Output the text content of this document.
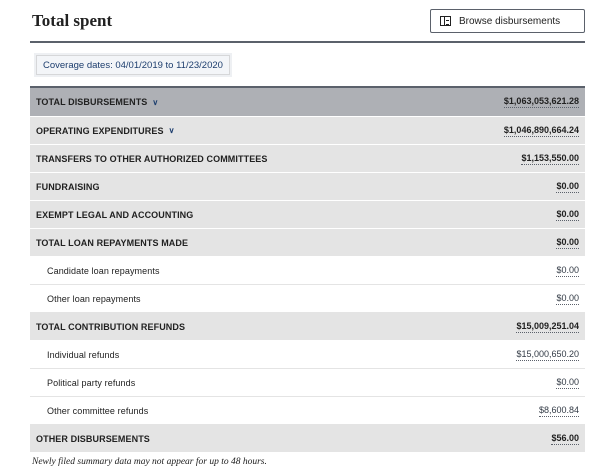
Total spent	Browse disbursements
Coverage dates: 04/01/2019 to 11/23/2020
TOTAL DISBURSEMENTS ∨	$1,063,053,621.28
OPERATING EXPENDITURES ∨	$1,046,890,664.24
TRANSFERS TO OTHER AUTHORIZED COMMITTEES	$1,153,550.00
FUNDRAISING	$0.00
EXEMPT LEGAL AND ACCOUNTING	$0.00
TOTAL LOAN REPAYMENTS MADE	$0.00
Candidate loan repayments	$0.00
Other loan repayments	$0.00
TOTAL CONTRIBUTION REFUNDS	$15,009,251.04
Individual refunds	$15,000,650.20
Political party refunds	$0.00
Other committee refunds	$8,600.84
OTHER DISBURSEMENTS	$56.00
Newly filed summary data may not appear for up to 48 hours.
